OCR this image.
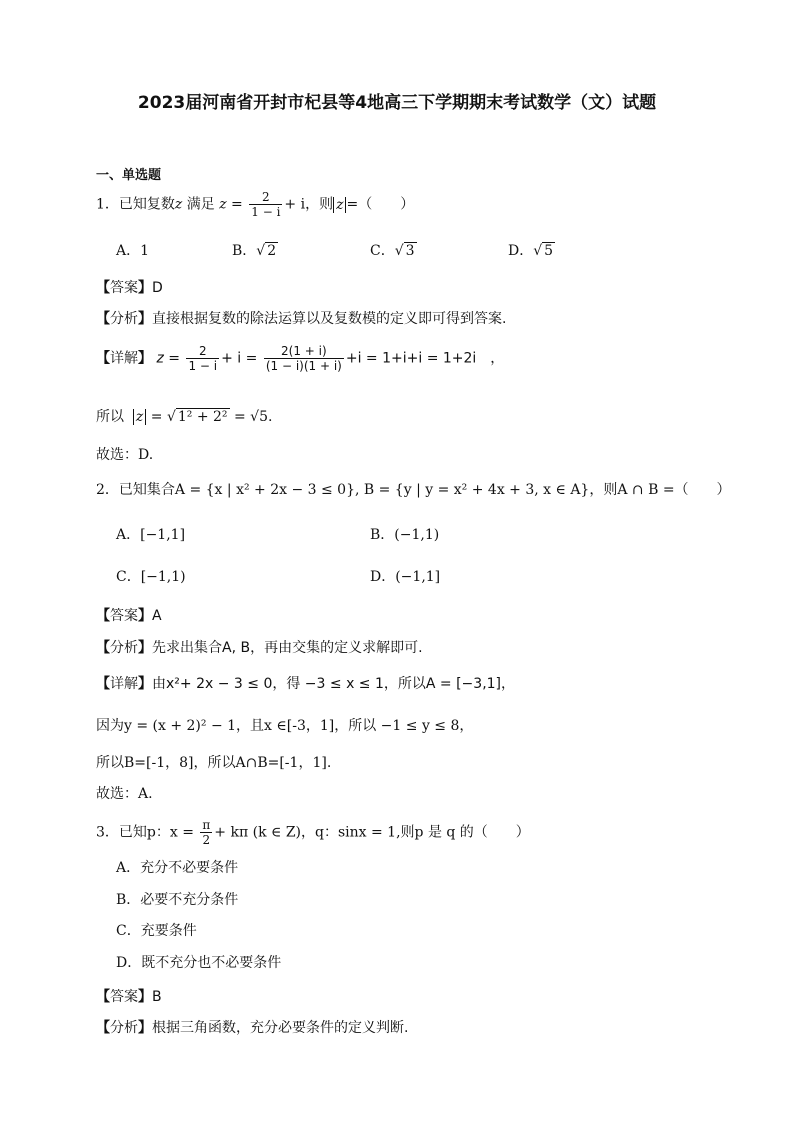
2023届河南省开封市杞县等4地高三下学期期末考试数学（文）试题
一、单选题
1．已知复数z 满足 $z = \frac{2}{1 - i} + i$，则 z =（　　）
A．1	B．√ 2	C．√ 3	D．√ 5
【答案】D
【分析】直接根据复数的除法运算以及复数模的定义即可得到答案.
【详解】 $z = \frac{2}{1 - i} + i = \frac{2(1 + i)}{(1 - i)(1 + i)} +i = 1+i+i = 1+2i$　，
所以 z = √ 1² + 2² = √5.
故选：D.
2．已知集合A = {x | x² + 2x − 3 ≤ 0}, B = {y | y = x² + 4x + 3, x ∈ A}，则A ∩ B =（　　）
A．[−1,1]	B．(−1,1)
C．[−1,1)	D．(−1,1]
【答案】A
【分析】先求出集合A, B，再由交集的定义求解即可.
【详解】由x²+ 2x − 3 ≤ 0，得 −3 ≤ x ≤ 1，所以A = [−3,1]，
因为y = (x + 2)² − 1，且x ∈[-3，1]，所以 −1 ≤ y ≤ 8，
所以B=[-1，8]，所以A∩B=[-1，1].
故选：A.
3．已知p：$x = \frac{\pi}{2} + k\pi$ (k ∈ Z)，q：sinx = 1,则p 是 q 的（　　）
A．充分不必要条件
B．必要不充分条件
C．充要条件
D．既不充分也不必要条件
【答案】B
【分析】根据三角函数，充分必要条件的定义判断.
